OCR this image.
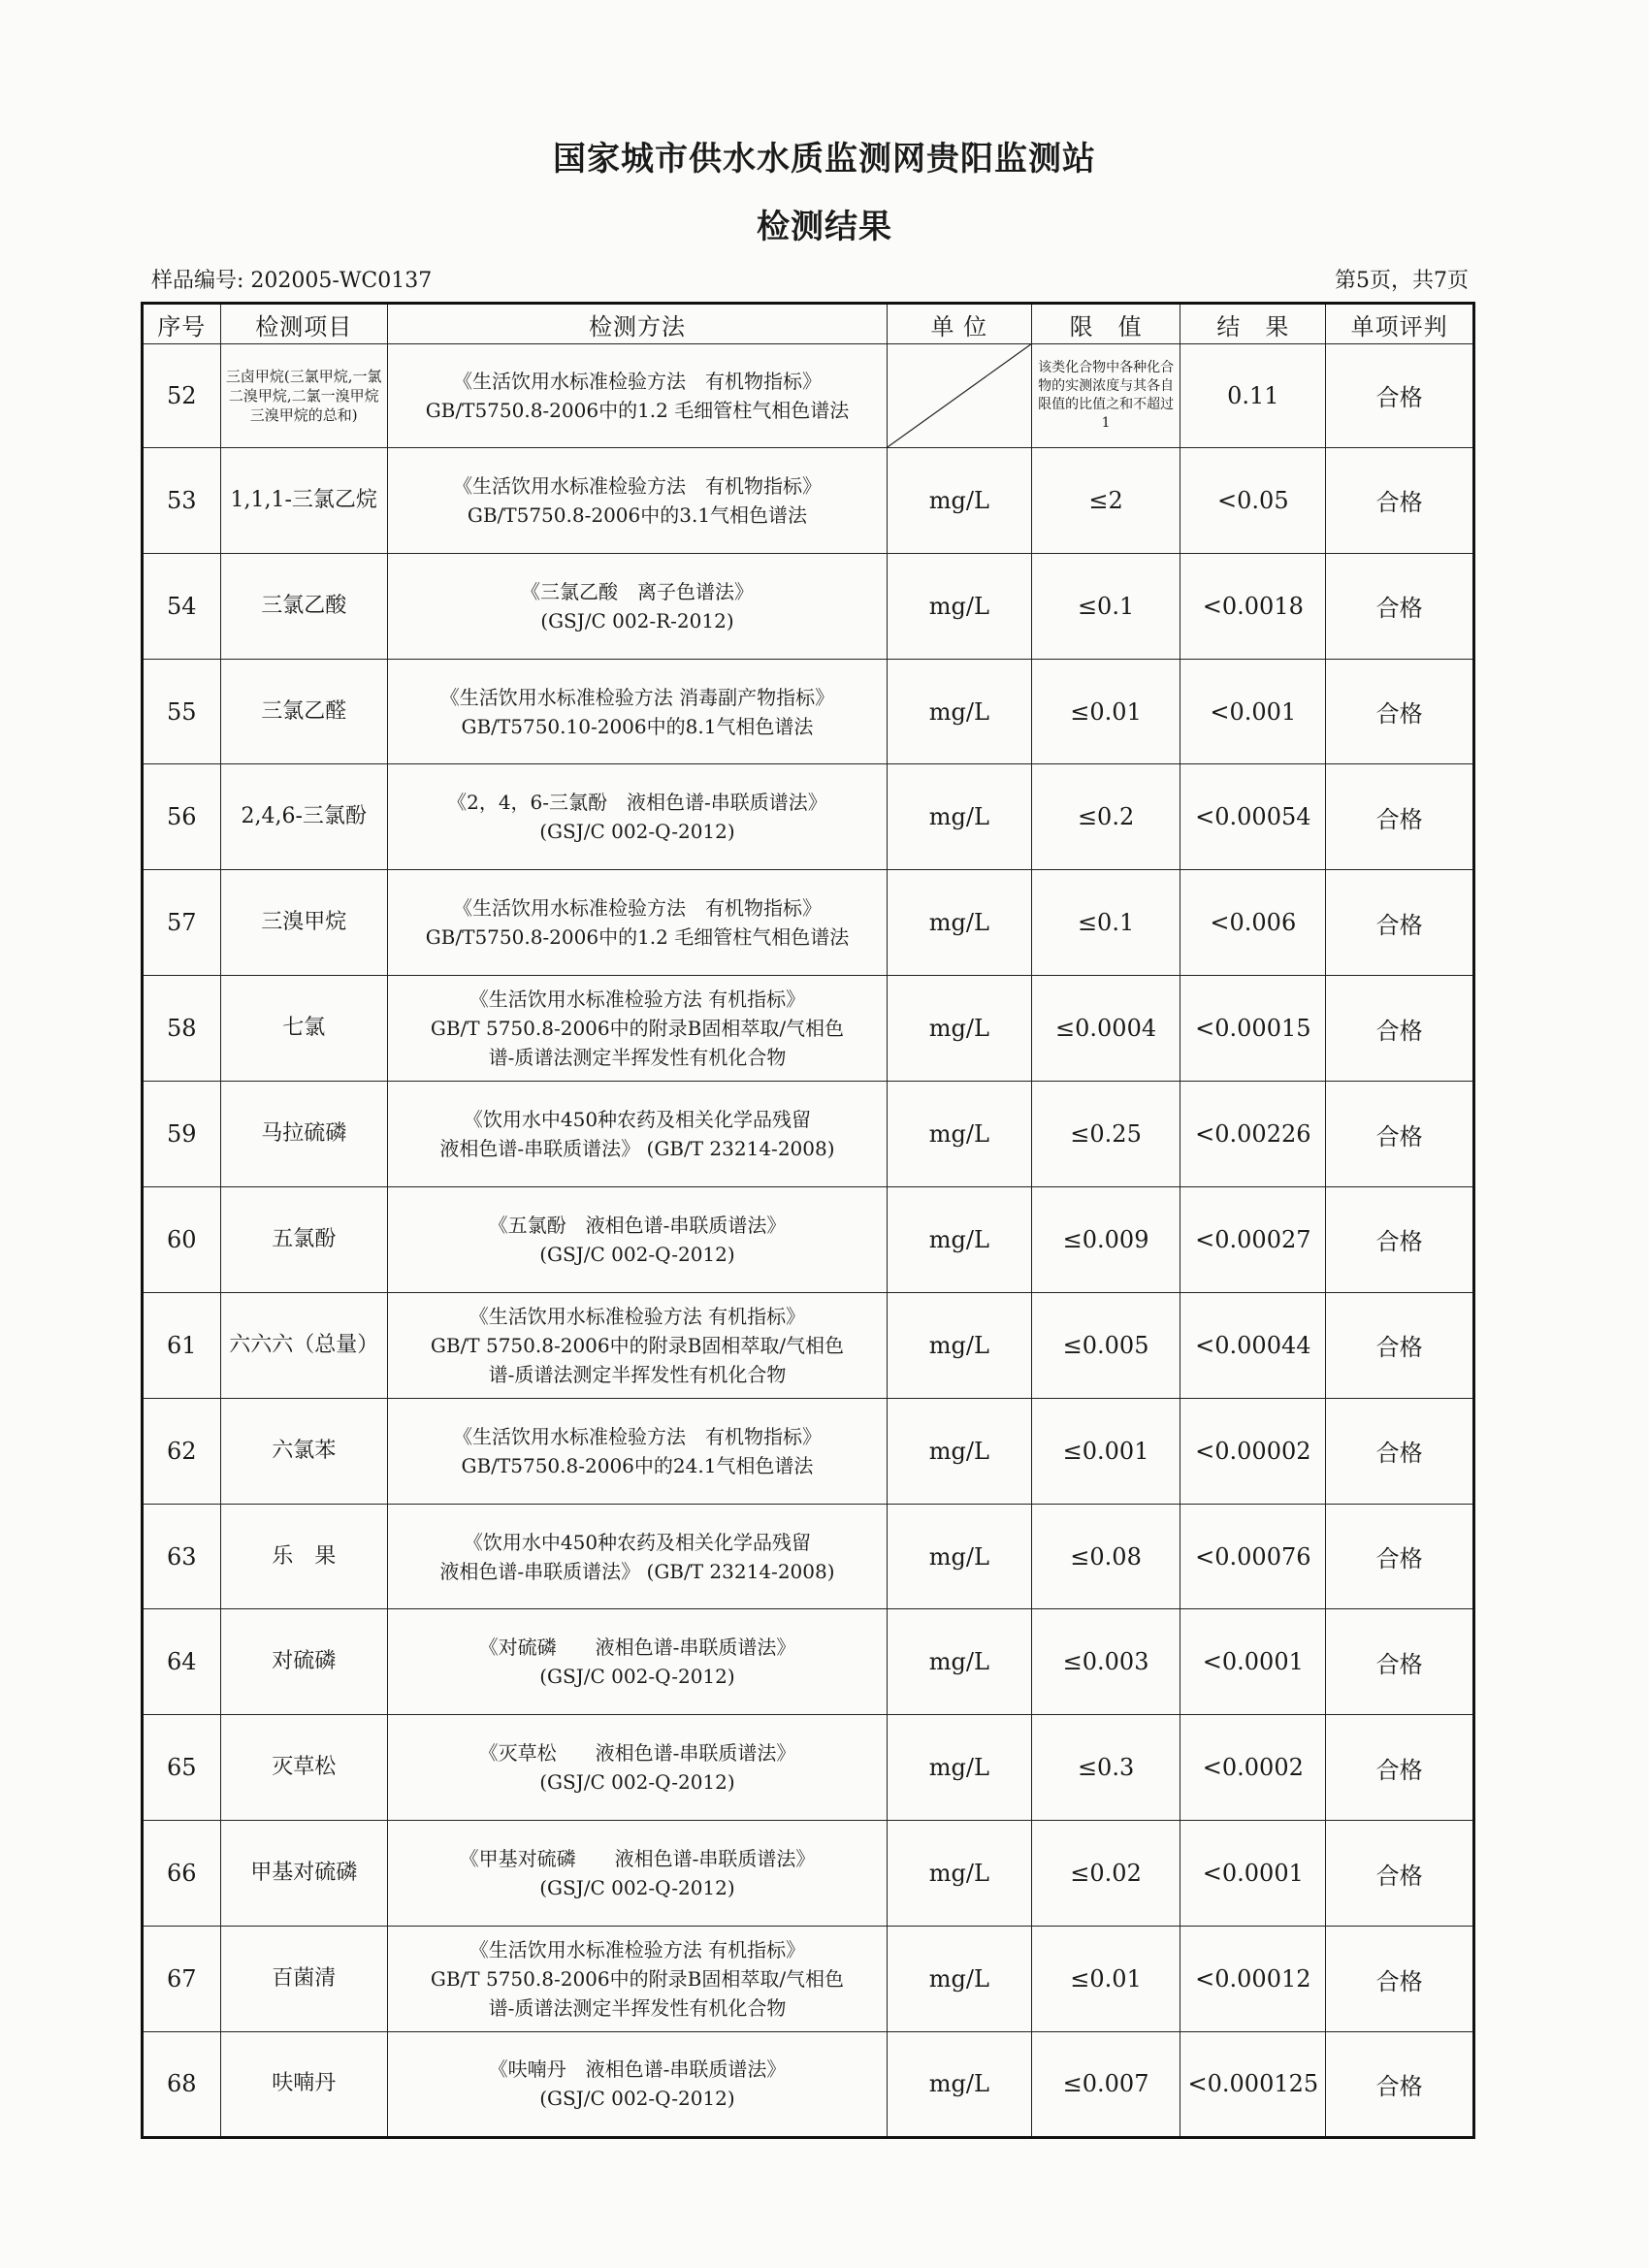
国家城市供水水质监测网贵阳监测站
检测结果
样品编号: 202005-WC0137	第5页，共7页
序号	检测项目	检测方法	单 位	限　值	结　果	单项评判
52	三卤甲烷(三氯甲烷,一氯二溴甲烷,二氯一溴甲烷三溴甲烷的总和)	《生活饮用水标准检验方法　有机物指标》
GB/T5750.8-2006中的1.2 毛细管柱气相色谱法		该类化合物中各种化合物的实测浓度与其各自限值的比值之和不超过1	0.11	合格
53	1,1,1-三氯乙烷	《生活饮用水标准检验方法　有机物指标》
GB/T5750.8-2006中的3.1气相色谱法	mg/L	≤2	<0.05	合格
54	三氯乙酸	《三氯乙酸　离子色谱法》
(GSJ/C 002-R-2012)	mg/L	≤0.1	<0.0018	合格
55	三氯乙醛	《生活饮用水标准检验方法 消毒副产物指标》
GB/T5750.10-2006中的8.1气相色谱法	mg/L	≤0.01	<0.001	合格
56	2,4,6-三氯酚	《2，4，6-三氯酚　液相色谱-串联质谱法》
(GSJ/C 002-Q-2012)	mg/L	≤0.2	<0.00054	合格
57	三溴甲烷	《生活饮用水标准检验方法　有机物指标》
GB/T5750.8-2006中的1.2 毛细管柱气相色谱法	mg/L	≤0.1	<0.006	合格
58	七氯	《生活饮用水标准检验方法 有机指标》
GB/T 5750.8-2006中的附录B固相萃取/气相色
谱-质谱法测定半挥发性有机化合物	mg/L	≤0.0004	<0.00015	合格
59	马拉硫磷	《饮用水中450种农药及相关化学品残留
液相色谱-串联质谱法》 (GB/T 23214-2008)	mg/L	≤0.25	<0.00226	合格
60	五氯酚	《五氯酚　液相色谱-串联质谱法》
(GSJ/C 002-Q-2012)	mg/L	≤0.009	<0.00027	合格
61	六六六（总量）	《生活饮用水标准检验方法 有机指标》
GB/T 5750.8-2006中的附录B固相萃取/气相色
谱-质谱法测定半挥发性有机化合物	mg/L	≤0.005	<0.00044	合格
62	六氯苯	《生活饮用水标准检验方法　有机物指标》
GB/T5750.8-2006中的24.1气相色谱法	mg/L	≤0.001	<0.00002	合格
63	乐　果	《饮用水中450种农药及相关化学品残留
液相色谱-串联质谱法》 (GB/T 23214-2008)	mg/L	≤0.08	<0.00076	合格
64	对硫磷	《对硫磷　　液相色谱-串联质谱法》
(GSJ/C 002-Q-2012)	mg/L	≤0.003	<0.0001	合格
65	灭草松	《灭草松　　液相色谱-串联质谱法》
(GSJ/C 002-Q-2012)	mg/L	≤0.3	<0.0002	合格
66	甲基对硫磷	《甲基对硫磷　　液相色谱-串联质谱法》
(GSJ/C 002-Q-2012)	mg/L	≤0.02	<0.0001	合格
67	百菌清	《生活饮用水标准检验方法 有机指标》
GB/T 5750.8-2006中的附录B固相萃取/气相色
谱-质谱法测定半挥发性有机化合物	mg/L	≤0.01	<0.00012	合格
68	呋喃丹	《呋喃丹　液相色谱-串联质谱法》
(GSJ/C 002-Q-2012)	mg/L	≤0.007	<0.000125	合格
